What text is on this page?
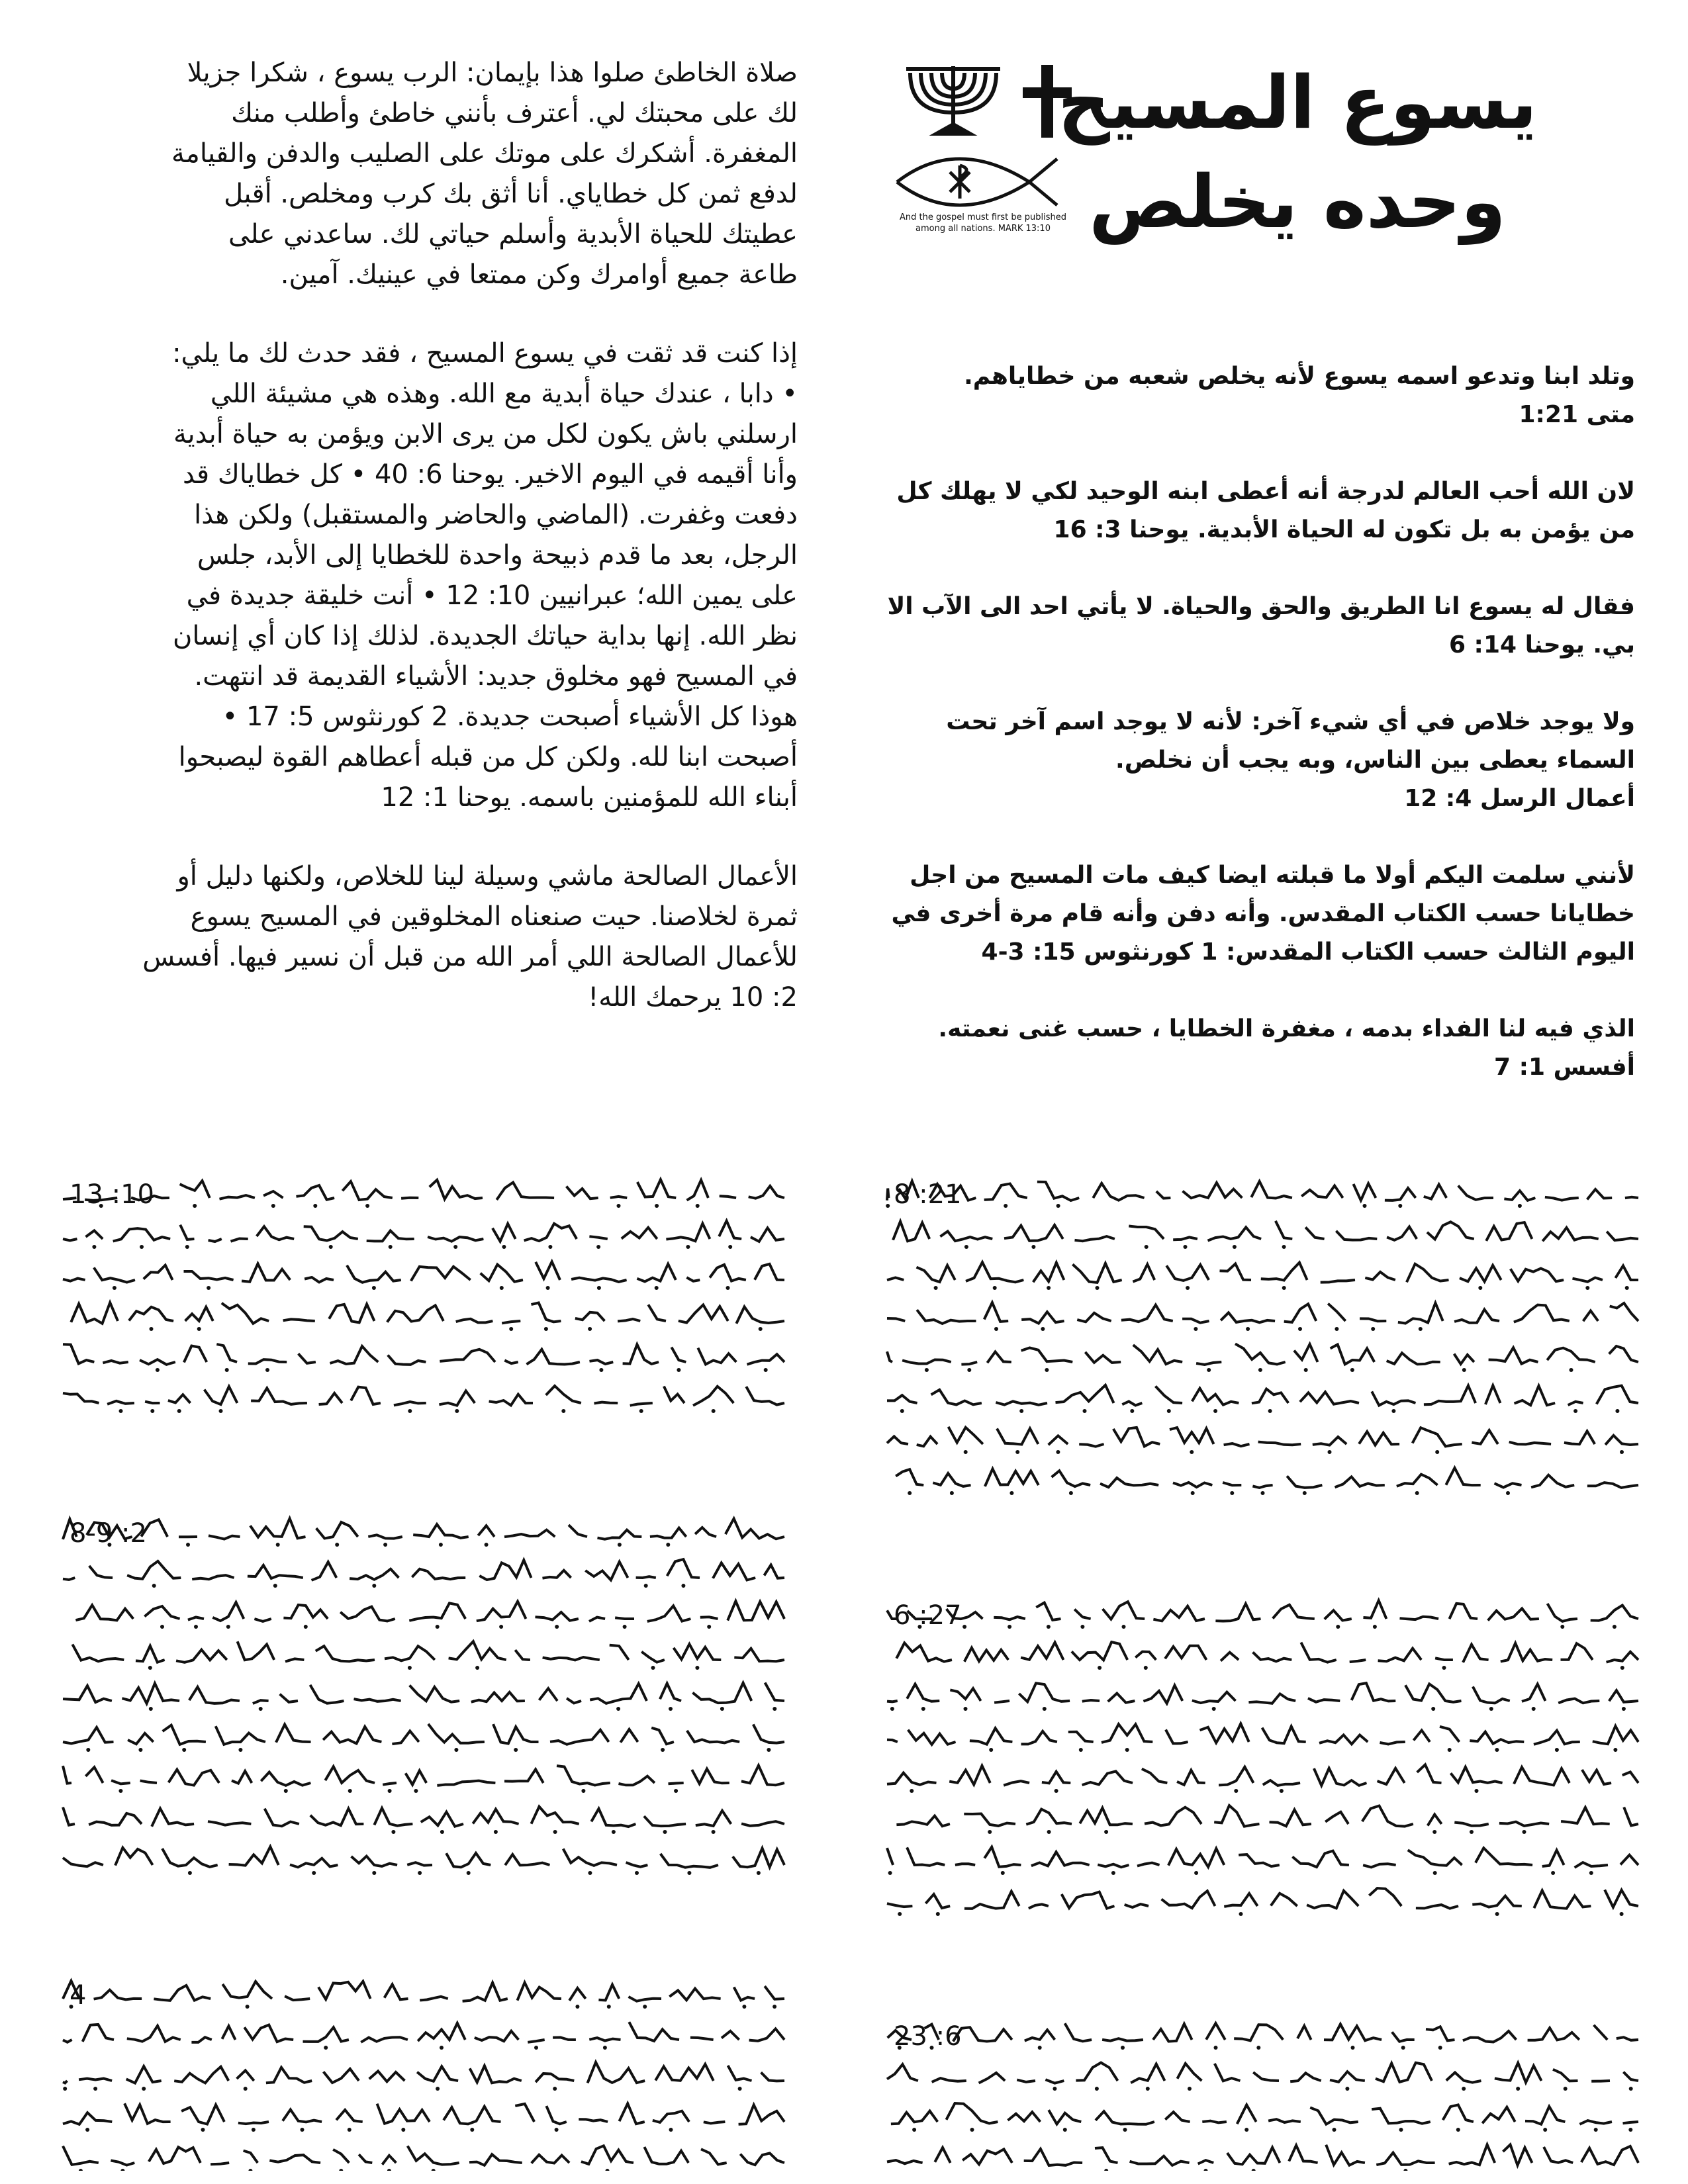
And the gospel must first be published
among all nations. MARK 13:10
يسوع المسيح
وحده يخلص
وتلد ابنا وتدعو اسمه يسوع لأنه يخلص شعبه من خطاياهم.
متى 1:21
لان الله أحب العالم لدرجة أنه أعطى ابنه الوحيد لكي لا يهلك كل من يؤمن به بل تكون له الحياة الأبدية. يوحنا 3: 16
فقال له يسوع انا الطريق والحق والحياة. لا يأتي احد الى الآب الا بي. يوحنا 14: 6
ولا يوجد خلاص في أي شيء آخر: لأنه لا يوجد اسم آخر تحت السماء يعطى بين الناس، وبه يجب أن نخلص.
أعمال الرسل 4: 12
لأنني سلمت اليكم أولا ما قبلته ايضا كيف مات المسيح من اجل خطايانا حسب الكتاب المقدس. وأنه دفن وأنه قام مرة أخرى في اليوم الثالث حسب الكتاب المقدس: 1 كورنثوس 15: 3-4
الذي فيه لنا الفداء بدمه ، مغفرة الخطايا ، حسب غنى نعمته.
أفسس 1: 7
صلاة الخاطئ صلوا هذا بإيمان: الرب يسوع ، شكرا جزيلا
لك على محبتك لي. أعترف بأنني خاطئ وأطلب منك
المغفرة. أشكرك على موتك على الصليب والدفن والقيامة
لدفع ثمن كل خطاياي. أنا أثق بك كرب ومخلص. أقبل
عطيتك للحياة الأبدية وأسلم حياتي لك. ساعدني على
طاعة جميع أوامرك وكن ممتعا في عينيك. آمين.
إذا كنت قد ثقت في يسوع المسيح ، فقد حدث لك ما يلي:
• دابا ، عندك حياة أبدية مع الله. وهذه هي مشيئة اللي
ارسلني باش يكون لكل من يرى الابن ويؤمن به حياة أبدية
وأنا أقيمه في اليوم الاخير. يوحنا 6: 40 • كل خطاياك قد
دفعت وغفرت. (الماضي والحاضر والمستقبل) ولكن هذا
الرجل، بعد ما قدم ذبيحة واحدة للخطايا إلى الأبد، جلس
على يمين الله؛ عبرانيين 10: 12 • أنت خليقة جديدة في
نظر الله. إنها بداية حياتك الجديدة. لذلك إذا كان أي إنسان
في المسيح فهو مخلوق جديد: الأشياء القديمة قد انتهت.
هوذا كل الأشياء أصبحت جديدة. 2 كورنثوس 5: 17 •
أصبحت ابنا لله. ولكن كل من قبله أعطاهم القوة ليصبحوا
أبناء الله للمؤمنين باسمه. يوحنا 1: 12
الأعمال الصالحة ماشي وسيلة لينا للخلاص، ولكنها دليل أو
ثمرة لخلاصنا. حيت صنعناه المخلوقين في المسيح يسوع
للأعمال الصالحة اللي أمر الله من قبل أن نسير فيها. أفسس
2: 10 يرحمك الله!
13 :10
8-9 :2
4
8 :21
6 :27
23 :6
